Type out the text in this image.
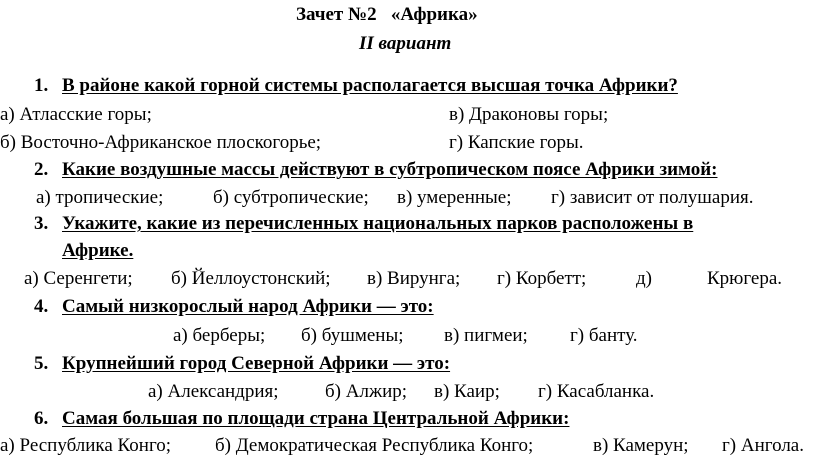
Зачет №2   «Африка»
II вариант
1. В районе какой горной системы располагается высшая точка Африки?
а) Атласские горы;	в) Драконовы горы;
б) Восточно-Африканское плоскогорье;	г) Капские горы.
2. Какие воздушные массы действуют в субтропическом поясе Африки зимой:
а) тропические;	б) субтропические; в) умеренные; г) зависит от полушария.
3. Укажите, какие из перечисленных национальных парков расположены в
Африке.
а) Серенгети; б) Йеллоустонский; в) Вирунга; г) Корбетт;	д)	Крюгера.
4. Самый низкорослый народ Африки — это:
а) берберы; б) бушмены; в) пигмеи; г) банту.
5. Крупнейший город Северной Африки — это:
а) Александрия; б) Алжир; в) Каир; г) Касабланка.
6. Самая большая по площади страна Центральной Африки:
а) Республика Конго; б) Демократическая Республика Конго;	в) Камерун; г) Ангола.
